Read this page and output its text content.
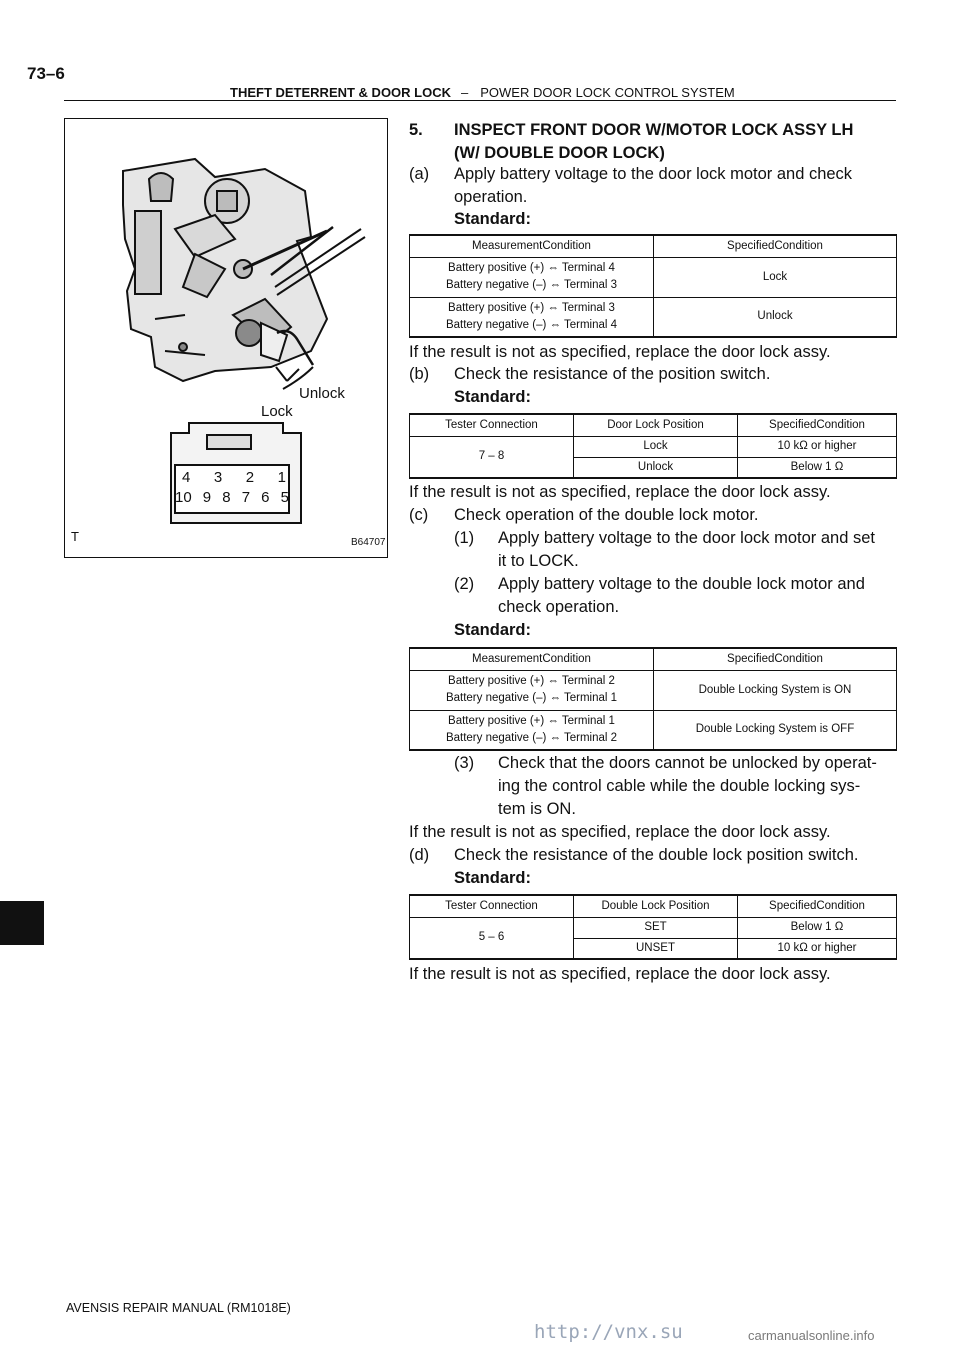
73–6
THEFT DETERRENT & DOOR LOCK – POWER DOOR LOCK CONTROL SYSTEM
Unlock
Lock
4 3 2 1
10 9 8 7 6 5
T	B64707
5. INSPECT FRONT DOOR W/MOTOR LOCK ASSY LH
(W/ DOUBLE DOOR LOCK)
(a) Apply battery voltage to the door lock motor and check
operation.
Standard:
MeasurementCondition	SpecifiedCondition
Battery positive (+) ⇔ Terminal 4
Battery negative (–) ⇔ Terminal 3	Lock
Battery positive (+) ⇔ Terminal 3
Battery negative (–) ⇔ Terminal 4	Unlock
If the result is not as specified, replace the door lock assy.
(b) Check the resistance of the position switch.
Standard:
Tester Connection	Door Lock Position	SpecifiedCondition
7 – 8	Lock	10 kΩ or higher
	Unlock	Below 1 Ω
If the result is not as specified, replace the door lock assy.
(c) Check operation of the double lock motor.
(1) Apply battery voltage to the door lock motor and set
it to LOCK.
(2) Apply battery voltage to the double lock motor and
check operation.
Standard:
MeasurementCondition	SpecifiedCondition
Battery positive (+) ⇔ Terminal 2
Battery negative (–) ⇔ Terminal 1	Double Locking System is ON
Battery positive (+) ⇔ Terminal 1
Battery negative (–) ⇔ Terminal 2	Double Locking System is OFF
(3) Check that the doors cannot be unlocked by operat-
ing the control cable while the double locking sys-
tem is ON.
If the result is not as specified, replace the door lock assy.
(d) Check the resistance of the double lock position switch.
Standard:
Tester Connection	Double Lock Position	SpecifiedCondition
5 – 6	SET	Below 1 Ω
	UNSET	10 kΩ or higher
If the result is not as specified, replace the door lock assy.
AVENSIS REPAIR MANUAL (RM1018E)
http://vnx.su	carmanualsonline.info
